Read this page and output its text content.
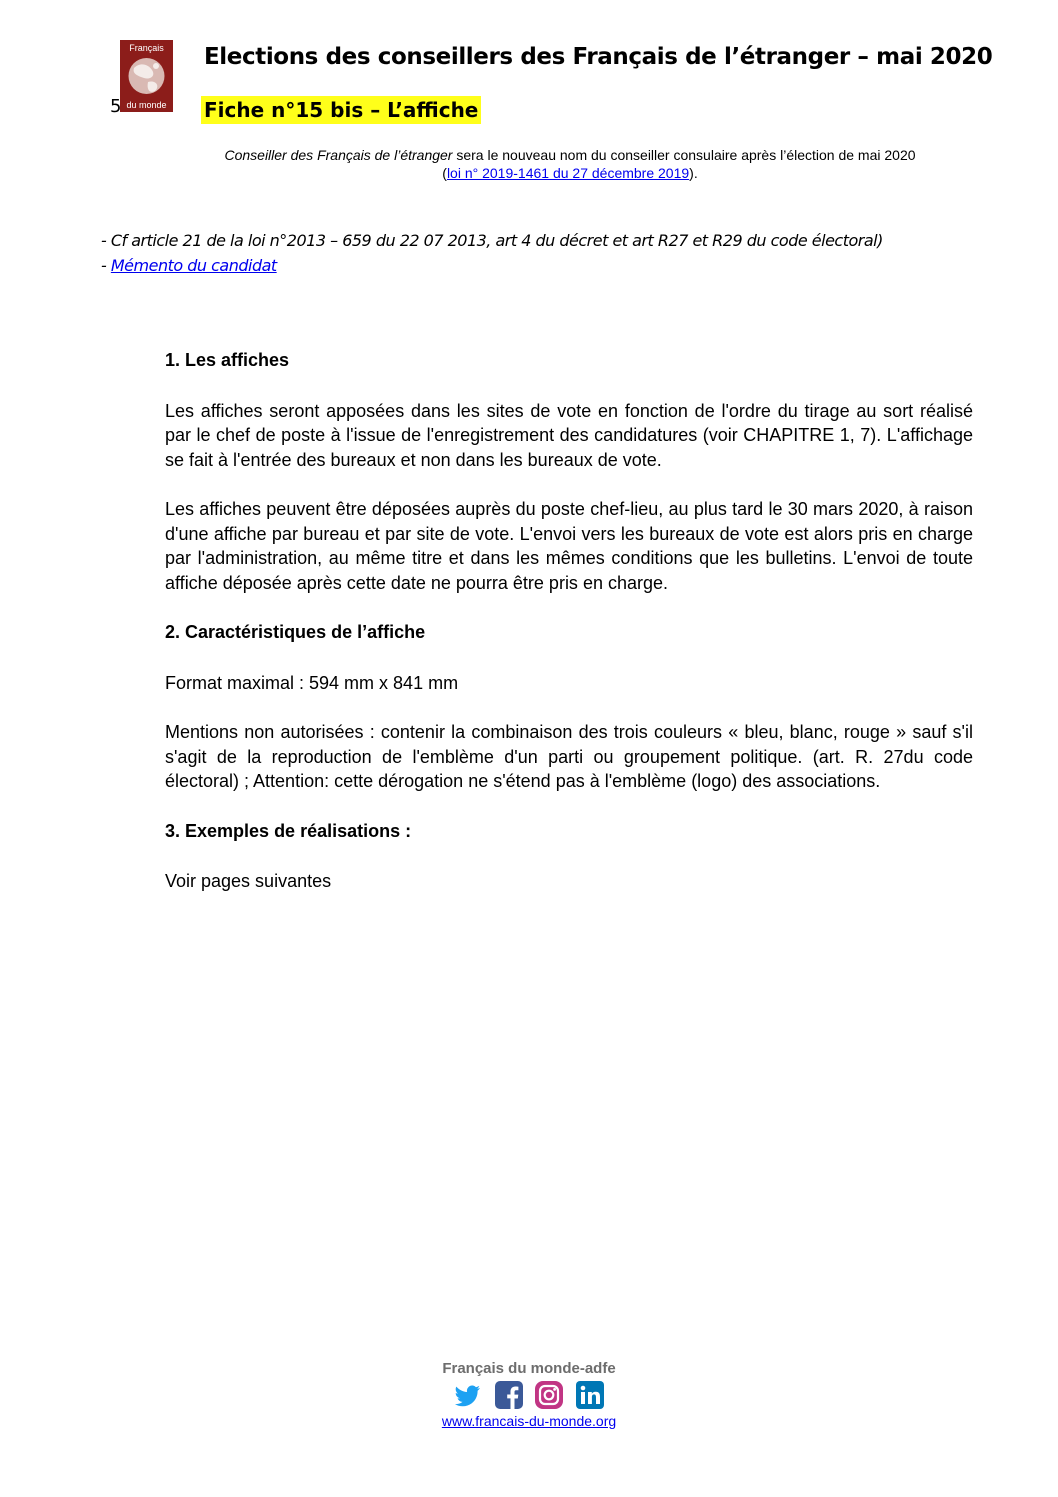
Français
du monde
5
Elections des conseillers des Français de l’étranger – mai 2020
Fiche n°15 bis – L’affiche
Conseiller des Français de l’étranger sera le nouveau nom du conseiller consulaire après l’élection de mai 2020
(loi n° 2019-1461 du 27 décembre 2019).
- Cf article 21 de la loi n°2013 – 659 du 22 07 2013, art 4 du décret et art R27 et R29 du code électoral)
- Mémento du candidat

1. Les affiches

Les affiches seront apposées dans les sites de vote en fonction de l'ordre du tirage au sort réalisé par le chef de poste à l'issue de l'enregistrement des candidatures (voir CHAPITRE 1, 7). L'affichage se fait à l'entrée des bureaux et non dans les bureaux de vote.

Les affiches peuvent être déposées auprès du poste chef-lieu, au plus tard le 30 mars 2020, à raison d'une affiche par bureau et par site de vote. L'envoi vers les bureaux de vote est alors pris en charge par l'administration, au même titre et dans les mêmes conditions que les bulletins. L'envoi de toute affiche déposée après cette date ne pourra être pris en charge.

2. Caractéristiques de l’affiche

Format maximal : 594 mm x 841 mm

Mentions non autorisées : contenir la combinaison des trois couleurs « bleu, blanc, rouge » sauf s'il s'agit de la reproduction de l'emblème d'un parti ou groupement politique. (art. R. 27du code électoral) ; Attention: cette dérogation ne s'étend pas à l'emblème (logo) des associations.

3. Exemples de réalisations :

Voir pages suivantes

Français du monde-adfe

www.francais-du-monde.org
